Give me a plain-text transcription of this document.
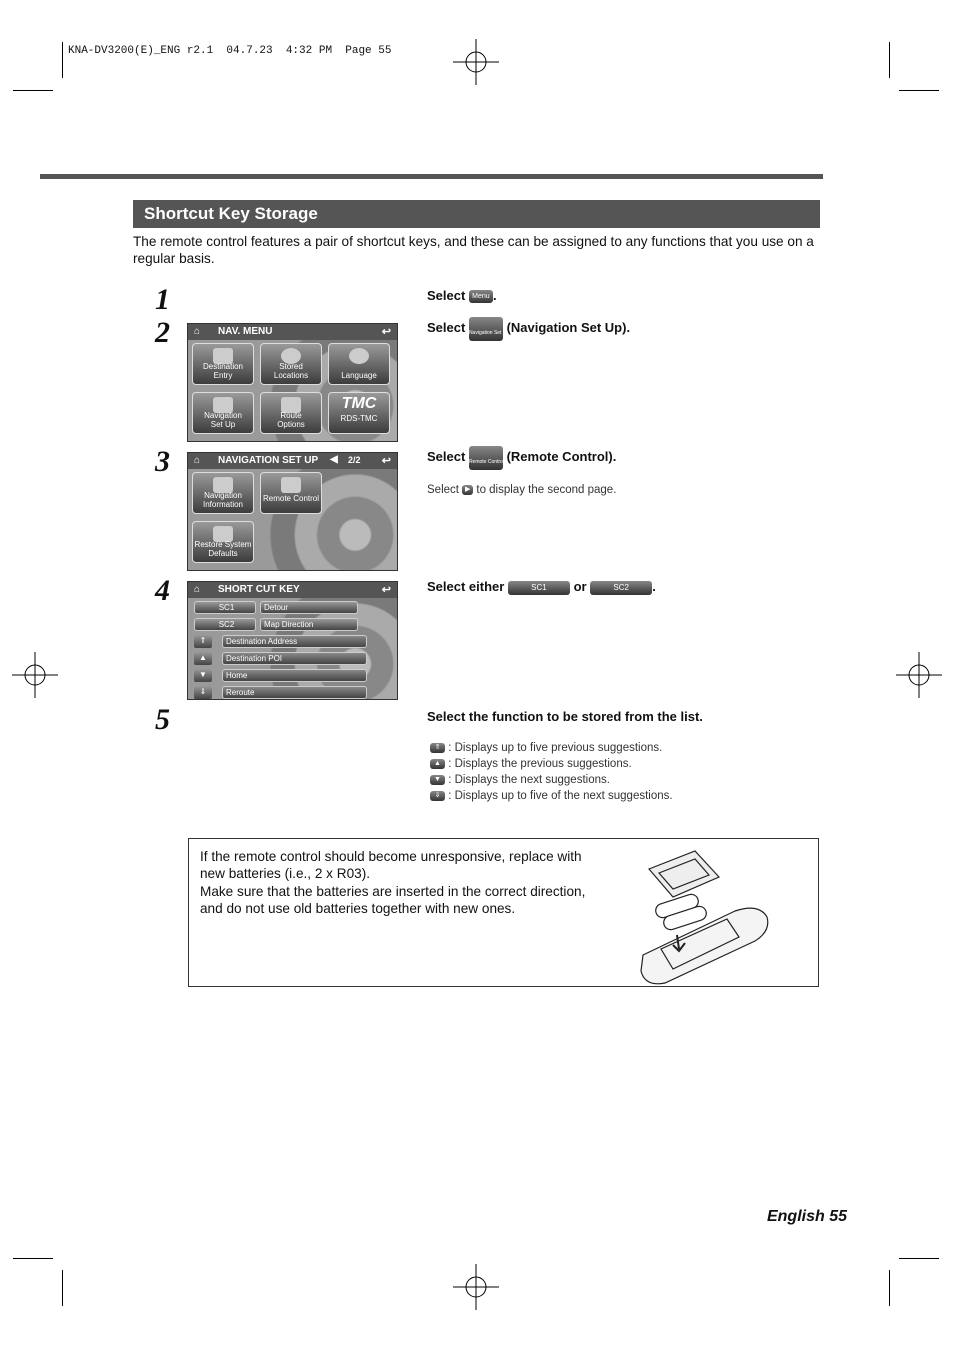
KNA-DV3200(E)_ENG r2.1  04.7.23  4:32 PM  Page 55
Shortcut Key Storage
The remote control features a pair of shortcut keys, and these can be assigned to any functions that you use on a regular basis.
1
2
3
4
5
Select Menu .
Select Navigation Set Up (Navigation Set Up).
Select Remote Control (Remote Control).
Select ▶ to display the second page.
Select either	SC1 or	SC2 .
Select the function to be stored from the list.
⇑ : Displays up to five previous suggestions.
▲ : Displays the previous suggestions.
▼ : Displays the next suggestions.
⇓ : Displays up to five of the next suggestions.
⌂ NAV. MENU	↩
Destination
Entry
Stored
Locations	Language
Navigation
Set Up
Route
Options
TMC
RDS-TMC
⌂ NAVIGATION SET UP ◀ 2/2 ↩
Navigation
Information
Remote Control
Restore System
Defaults
⌂ SHORT CUT KEY	↩
SC1	Detour
SC2	Map Direction
⇑
▲
▼
⇓
Destination Address
Destination POI
Home
Reroute
If the remote control should become unresponsive, replace with new batteries (i.e., 2 x R03).
Make sure that the batteries are inserted in the correct direction, and do not use old batteries together with new ones.
English 55
